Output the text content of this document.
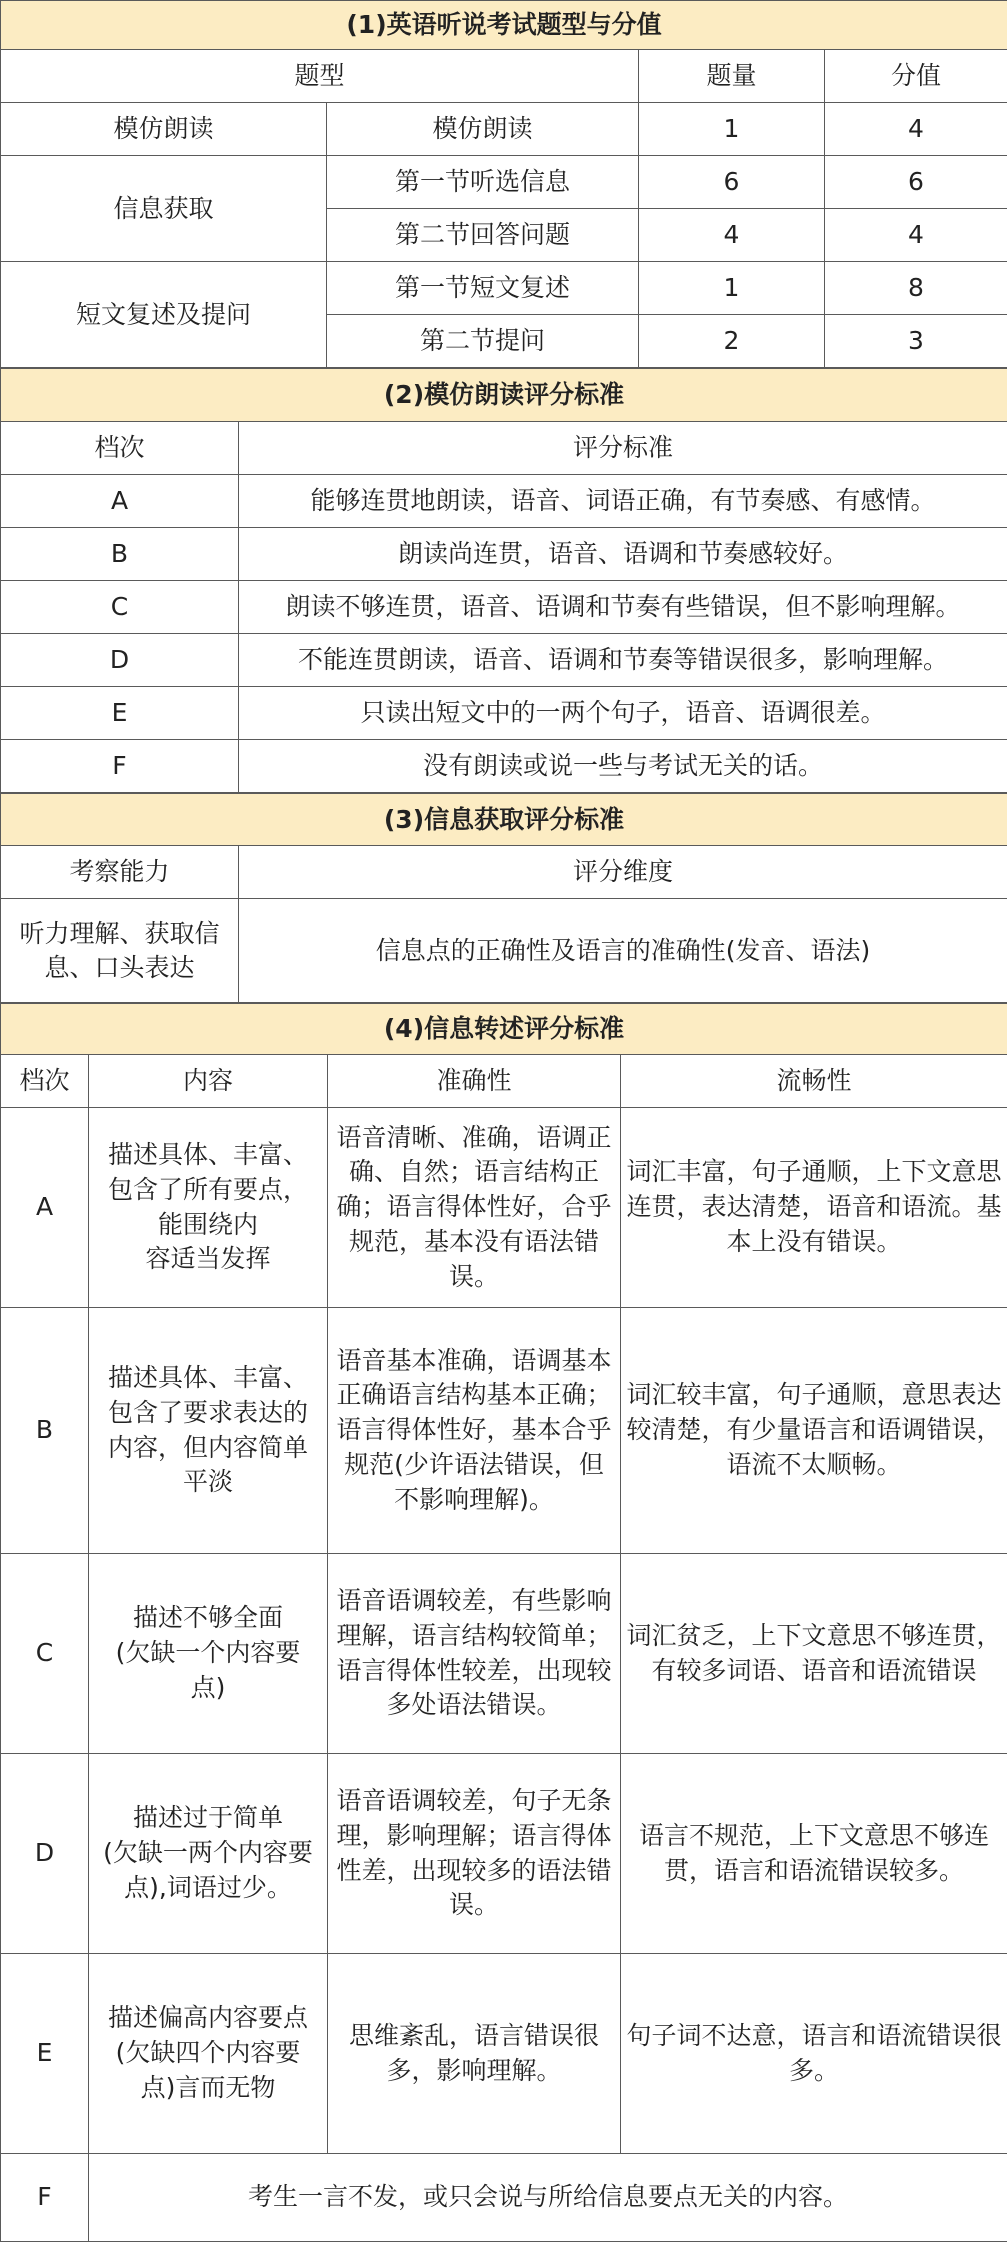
(1)英语听说考试题型与分值			
题型		题量	分值
模仿朗读	模仿朗读	1	4
信息获取	第一节听选信息	6	6
	第二节回答问题	4	4
短文复述及提问	第一节短文复述	1	8
	第二节提问	2	3
(2)模仿朗读评分标准	
档次	评分标准
A	能够连贯地朗读，语音、词语正确，有节奏感、有感情。
B	朗读尚连贯，语音、语调和节奏感较好。
C	朗读不够连贯，语音、语调和节奏有些错误，但不影响理解。
D	不能连贯朗读，语音、语调和节奏等错误很多，影响理解。
E	只读出短文中的一两个句子，语音、语调很差。
F	没有朗读或说一些与考试无关的话。
(3)信息获取评分标准	
考察能力	评分维度
听力理解、获取信息、口头表达	信息点的正确性及语言的准确性(发音、语法)
(4)信息转述评分标准			
档次	内容	准确性	流畅性
A	描述具体、丰富、
包含了所有要点，
能围绕内
容适当发挥	语音清晰、准确，语调正确、自然；语言结构正确；语言得体性好，合乎规范，基本没有语法错误。	词汇丰富，句子通顺，上下文意思连贯，表达清楚，语音和语流。基本上没有错误。
B	描述具体、丰富、
包含了要求表达的
内容，但内容简单
平淡	语音基本准确，语调基本正确语言结构基本正确；语言得体性好，基本合乎规范(少许语法错误，但不影响理解)。	词汇较丰富，句子通顺，意思表达较清楚，有少量语言和语调错误，语流不太顺畅。
C	描述不够全面
(欠缺一个内容要
点)	语音语调较差，有些影响理解，语言结构较简单；语言得体性较差，出现较多处语法错误。	词汇贫乏，上下文意思不够连贯，有较多词语、语音和语流错误
D	描述过于简单
(欠缺一两个内容要
点),词语过少。	语音语调较差，句子无条理，影响理解；语言得体性差，出现较多的语法错误。	语言不规范，上下文意思不够连贯，语言和语流错误较多。
E	描述偏高内容要点
(欠缺四个内容要
点)言而无物	思维紊乱，语言错误很多，影响理解。	句子词不达意，语言和语流错误很多。
F	考生一言不发，或只会说与所给信息要点无关的内容。		
